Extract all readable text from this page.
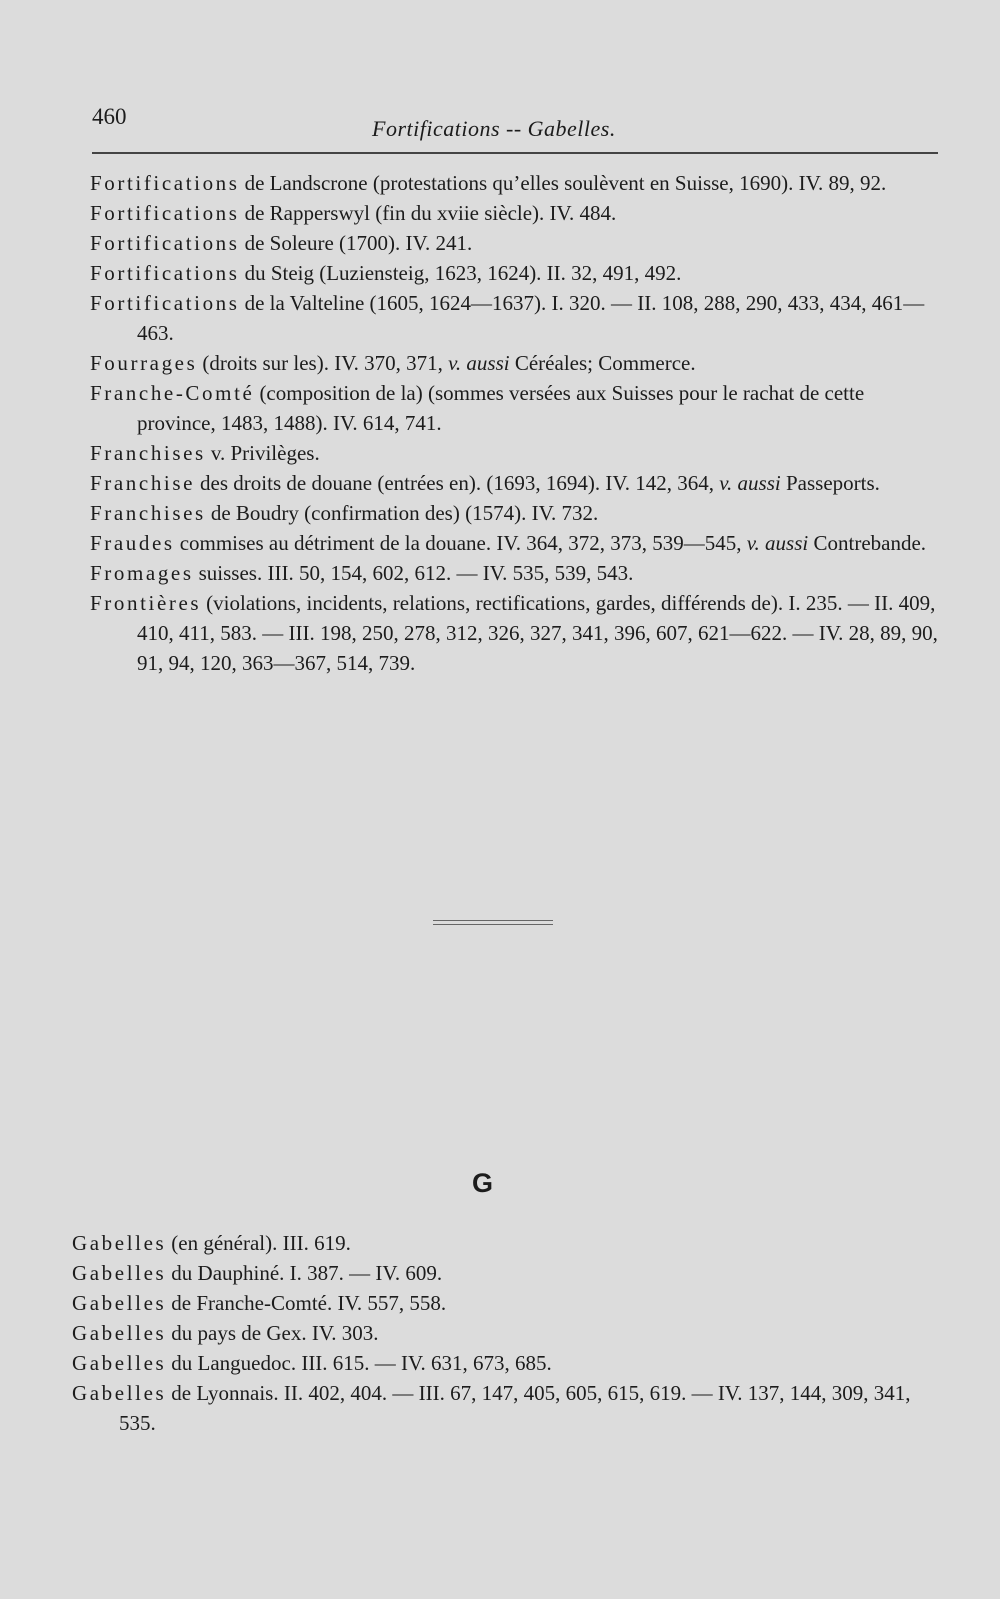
460	Fortifications -- Gabelles.

Fortifications de Landscrone (protestations qu’elles soulèvent en Suisse, 1690). IV. 89, 92.

Fortifications de Rapperswyl (fin du xviie siècle). IV. 484.

Fortifications de Soleure (1700). IV. 241.

Fortifications du Steig (Luziensteig, 1623, 1624). II. 32, 491, 492.

Fortifications de la Valteline (1605, 1624—1637). I. 320. — II. 108, 288, 290, 433, 434, 461—463.

Fourrages (droits sur les). IV. 370, 371, v. aussi Céréales; Commerce.

Franche-Comté (composition de la) (sommes versées aux Suisses pour le rachat de cette province, 1483, 1488). IV. 614, 741.

Franchises v. Privilèges.

Franchise des droits de douane (entrées en). (1693, 1694). IV. 142, 364, v. aussi Passeports.

Franchises de Boudry (confirmation des) (1574). IV. 732.

Fraudes commises au détriment de la douane. IV. 364, 372, 373, 539—545, v. aussi Contrebande.

Fromages suisses. III. 50, 154, 602, 612. — IV. 535, 539, 543.

Frontières (violations, incidents, relations, rectifications, gardes, différends de). I. 235. — II. 409, 410, 411, 583. — III. 198, 250, 278, 312, 326, 327, 341, 396, 607, 621—622. — IV. 28, 89, 90, 91, 94, 120, 363—367, 514, 739.

G

Gabelles (en général). III. 619.

Gabelles du Dauphiné. I. 387. — IV. 609.

Gabelles de Franche-Comté. IV. 557, 558.

Gabelles du pays de Gex. IV. 303.

Gabelles du Languedoc. III. 615. — IV. 631, 673, 685.

Gabelles de Lyonnais. II. 402, 404. — III. 67, 147, 405, 605, 615, 619. — IV. 137, 144, 309, 341, 535.
